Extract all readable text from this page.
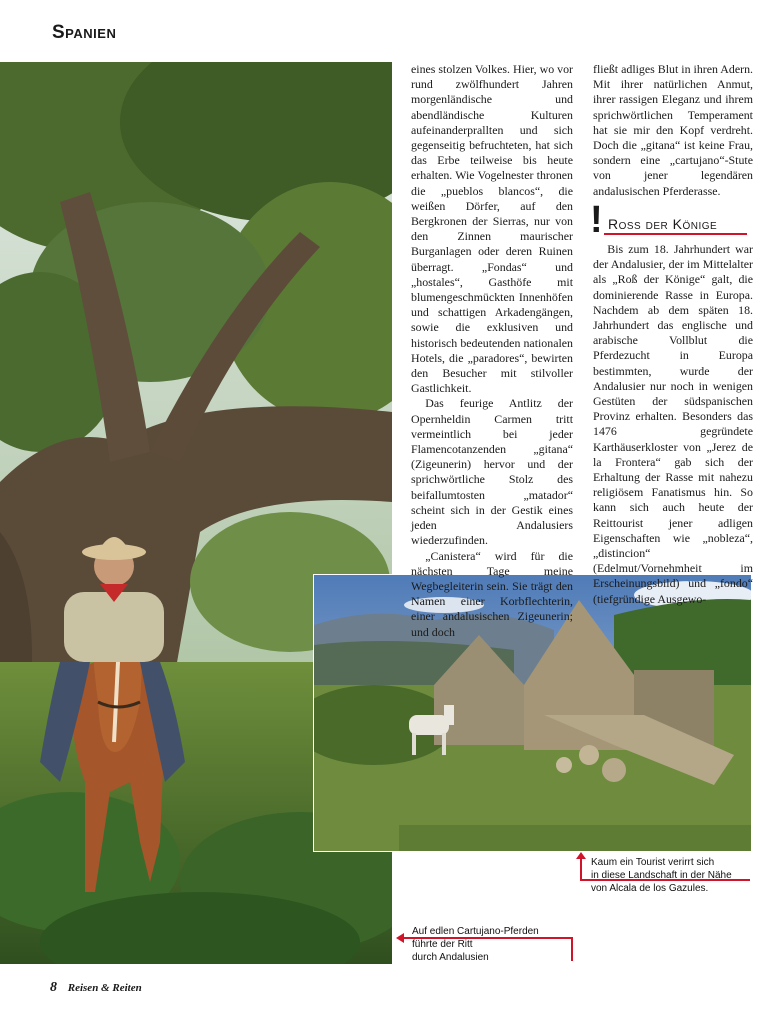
Spanien

eines stolzen Volkes. Hier, wo vor rund zwölfhundert Jahren morgenländische und abendländische Kulturen aufeinanderprallten und sich gegenseitig befruchteten, hat sich das Erbe teilweise bis heute erhalten. Wie Vogelnester thronen die „pueblos blancos“, die weißen Dörfer, auf den Bergkronen der Sierras, nur von den Zinnen maurischer Burganlagen oder deren Ruinen überragt. „Fondas“ und „hostales“, Gasthöfe mit blumengeschmückten Innenhöfen und schattigen Arkadengängen, sowie die exklusiven und historisch bedeutenden nationalen Hotels, die „paradores“, bewirten den Besucher mit stilvoller Gastlichkeit.

Das feurige Antlitz der Opernheldin Carmen tritt vermeintlich bei jeder Flamencotanzenden „gitana“ (Zigeunerin) hervor und der sprichwörtliche Stolz des beifallumtosten „matador“ scheint sich in der Gestik eines jeden Andalusiers wiederzufinden.

„Canistera“ wird für die nächsten Tage meine Wegbegleiterin sein. Sie trägt den Namen einer Korbflechterin, einer andalusischen Zigeunerin; und doch

fließt adliges Blut in ihren Adern. Mit ihrer natürlichen Anmut, ihrer rassigen Eleganz und ihrem sprichwörtlichen Temperament hat sie mir den Kopf verdreht. Doch die „gitana“ ist keine Frau, sondern eine „cartujano“-Stute von jener legendären andalusischen Pferderasse.

! Ross der Könige

Bis zum 18. Jahrhundert war der Andalusier, der im Mittelalter als „Roß der Könige“ galt, die dominierende Rasse in Europa. Nachdem ab dem späten 18. Jahrhundert das englische und arabische Vollblut die Pferdezucht in Europa bestimmten, wurde der Andalusier nur noch in wenigen Gestüten der südspanischen Provinz erhalten. Besonders das 1476 gegründete Karthäuserkloster von „Jerez de la Frontera“ gab sich der Erhaltung der Rasse mit nahezu religiösem Fanatismus hin. So kann sich auch heute der Reittourist jener adligen Eigenschaften wie „nobleza“, „distincion“ (Edelmut/Vornehmheit im Erscheinungsbild) und „fondo“ (tiefgründige Ausgewo-

Kaum ein Tourist verirrt sich
in diese Landschaft in der Nähe
von Alcala de los Gazules.
Auf edlen Cartujano-Pferden
führte der Ritt
durch Andalusien
8 Reisen & Reiten
